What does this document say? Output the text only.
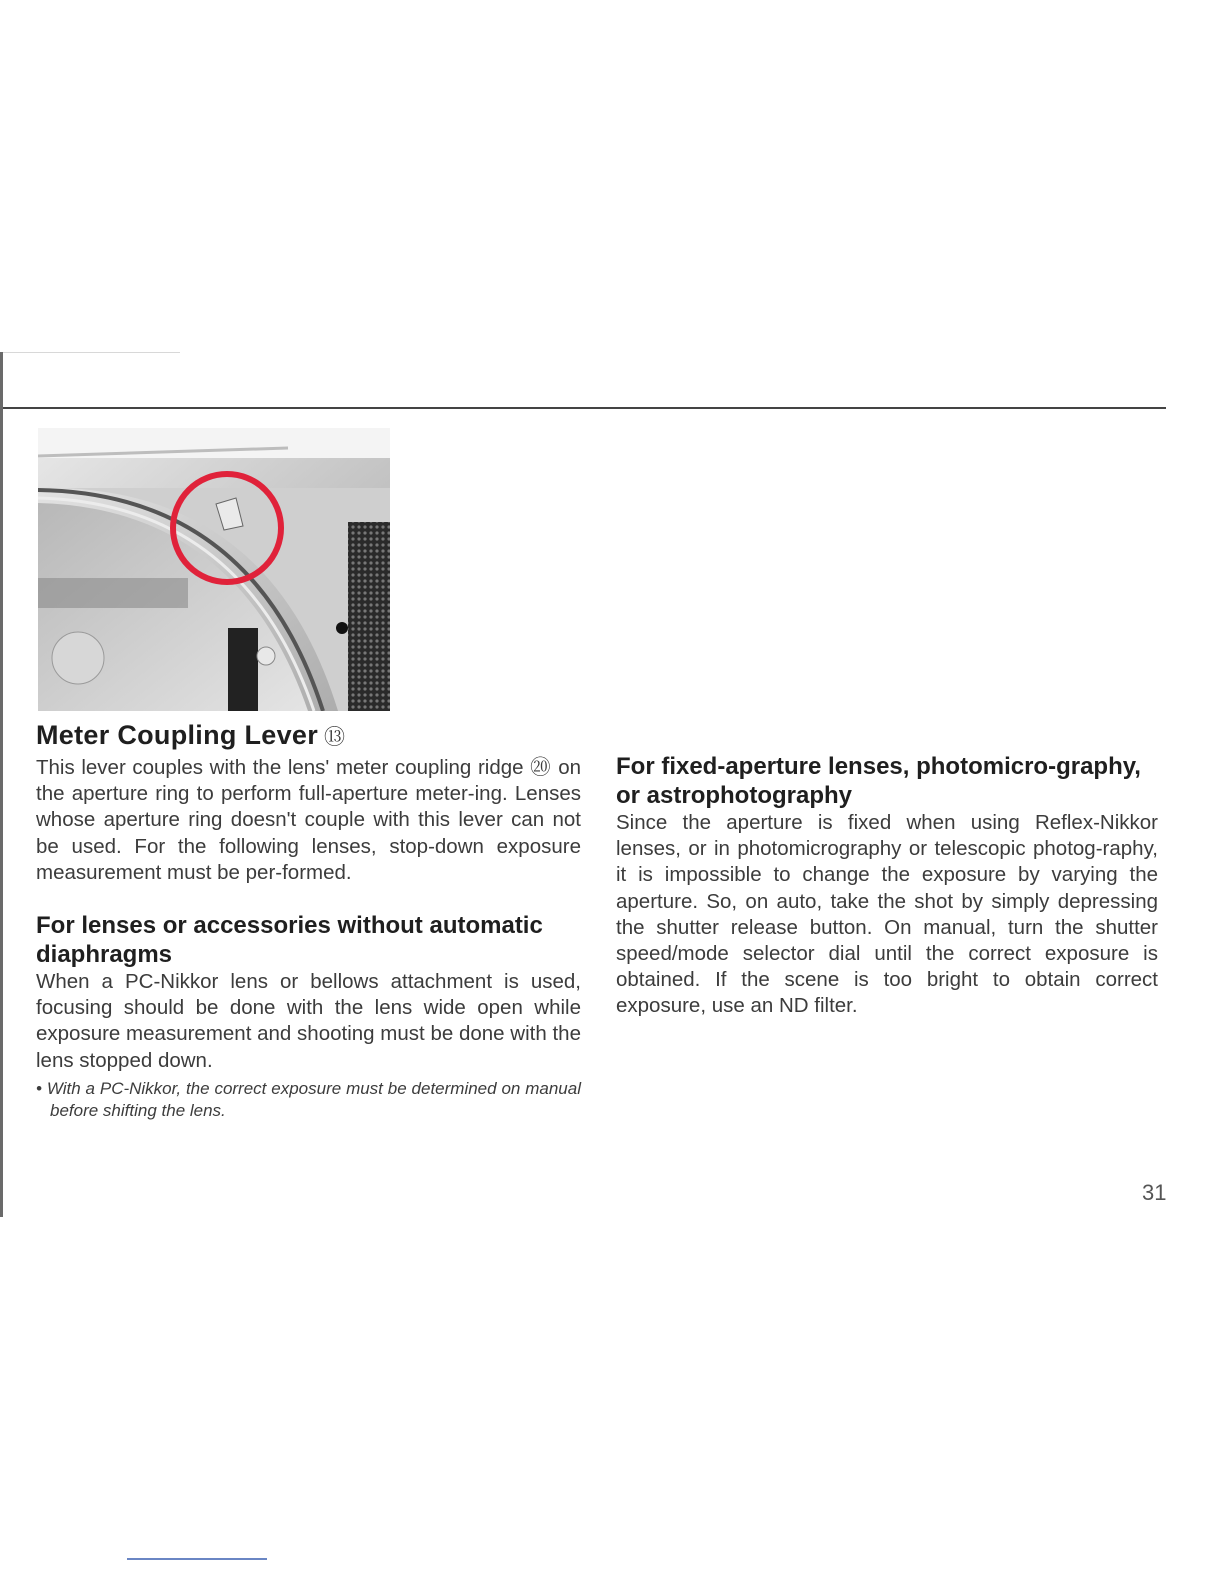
Meter Coupling Lever ⑬

This lever couples with the lens' meter coupling ridge ⑳ on the aperture ring to perform full-aperture meter-ing. Lenses whose aperture ring doesn't couple with this lever can not be used. For the following lenses, stop-down exposure measurement must be per-formed.

For lenses or accessories without automatic diaphragms

When a PC-Nikkor lens or bellows attachment is used, focusing should be done with the lens wide open while exposure measurement and shooting must be done with the lens stopped down.

• With a PC-Nikkor, the correct exposure must be determined on manual before shifting the lens.

For fixed-aperture lenses, photomicro-graphy, or astrophotography

Since the aperture is fixed when using Reflex-Nikkor lenses, or in photomicrography or telescopic photog-raphy, it is impossible to change the exposure by varying the aperture. So, on auto, take the shot by simply depressing the shutter release button. On manual, turn the shutter speed/mode selector dial until the correct exposure is obtained. If the scene is too bright to obtain correct exposure, use an ND filter.

31
